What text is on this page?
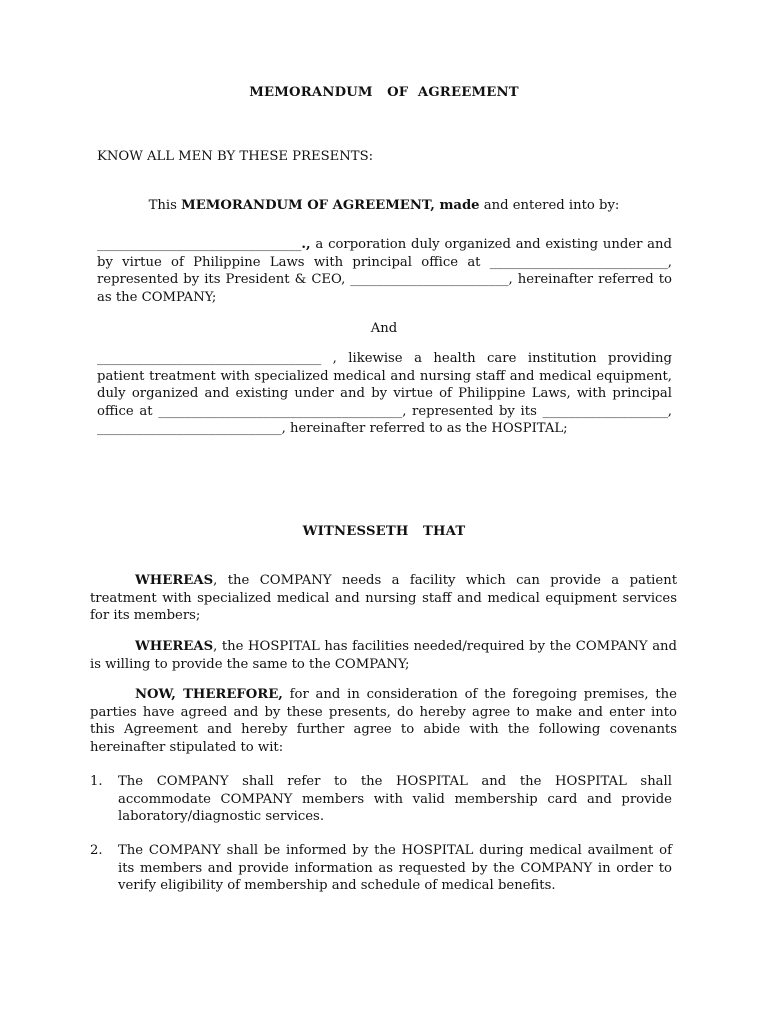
MEMORANDUM   OF  AGREEMENT
KNOW ALL MEN BY THESE PRESENTS:
This MEMORANDUM OF AGREEMENT, made and entered into by:
_______________________________., a corporation duly organized and existing under and by virtue of Philippine Laws with principal office at ___________________________, represented by its President & CEO, ________________________, hereinafter referred to as the COMPANY;
And
__________________________________ , likewise a health care institution providing patient treatment with specialized medical and nursing staff and medical equipment, duly organized and existing under and by virtue of Philippine Laws, with principal office at _____________________________________, represented by its ___________________, ____________________________, hereinafter referred to as the HOSPITAL;
WITNESSETH   THAT
WHEREAS, the COMPANY needs a facility which can provide a patient treatment with specialized medical and nursing staff and medical equipment services for its members;
WHEREAS, the HOSPITAL has facilities needed/required by the COMPANY and is willing to provide the same to the COMPANY;
NOW, THEREFORE, for and in consideration of the foregoing premises, the parties have agreed and by these presents, do hereby agree to make and enter into this Agreement and hereby further agree to abide with the following covenants hereinafter stipulated to wit:
1.	The COMPANY shall refer to the HOSPITAL and the HOSPITAL shall accommodate COMPANY members with valid membership card and provide laboratory/diagnostic services.
2.	The COMPANY shall be informed by the HOSPITAL during medical availment of its members and provide information as requested by the COMPANY in order to verify eligibility of membership and schedule of medical benefits.
